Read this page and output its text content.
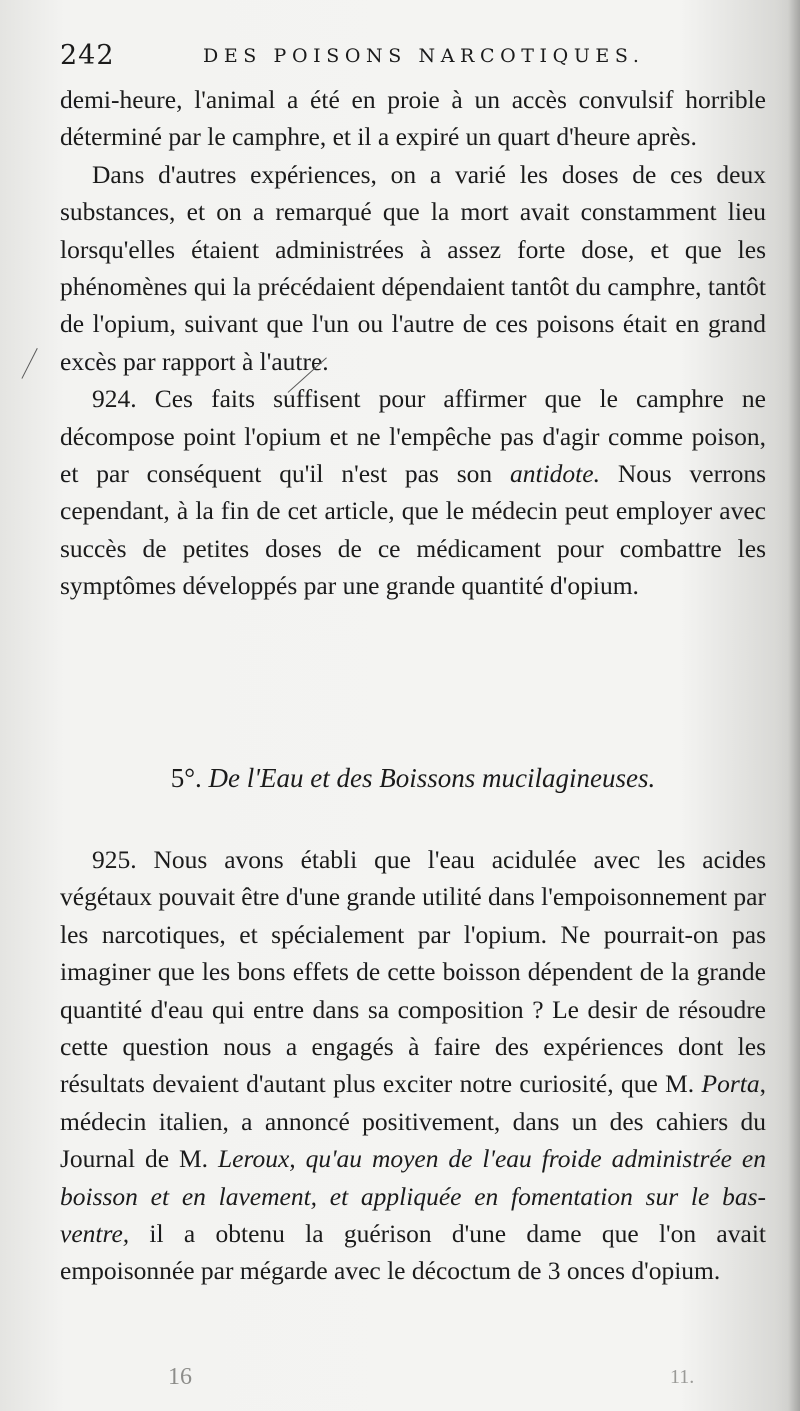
242	DES POISONS NARCOTIQUES.

demi-heure, l'animal a été en proie à un accès convulsif horrible déterminé par le camphre, et il a expiré un quart d'heure après.

Dans d'autres expériences, on a varié les doses de ces deux substances, et on a remarqué que la mort avait constamment lieu lorsqu'elles étaient administrées à assez forte dose, et que les phénomènes qui la précédaient dépendaient tantôt du camphre, tantôt de l'opium, suivant que l'un ou l'autre de ces poisons était en grand excès par rapport à l'autre.

924. Ces faits suffisent pour affirmer que le camphre ne décompose point l'opium et ne l'empêche pas d'agir comme poison, et par conséquent qu'il n'est pas son antidote. Nous verrons cependant, à la fin de cet article, que le médecin peut employer avec succès de petites doses de ce médicament pour combattre les symptômes développés par une grande quantité d'opium.

5°. De l'Eau et des Boissons mucilagineuses.

925. Nous avons établi que l'eau acidulée avec les acides végétaux pouvait être d'une grande utilité dans l'empoisonnement par les narcotiques, et spécialement par l'opium. Ne pourrait-on pas imaginer que les bons effets de cette boisson dépendent de la grande quantité d'eau qui entre dans sa composition ? Le desir de résoudre cette question nous a engagés à faire des expériences dont les résultats devaient d'autant plus exciter notre curiosité, que M. Porta, médecin italien, a annoncé positivement, dans un des cahiers du Journal de M. Leroux, qu'au moyen de l'eau froide administrée en boisson et en lavement, et appliquée en fomentation sur le bas-ventre, il a obtenu la guérison d'une dame que l'on avait empoisonnée par mégarde avec le décoctum de 3 onces d'opium.

16	11.
